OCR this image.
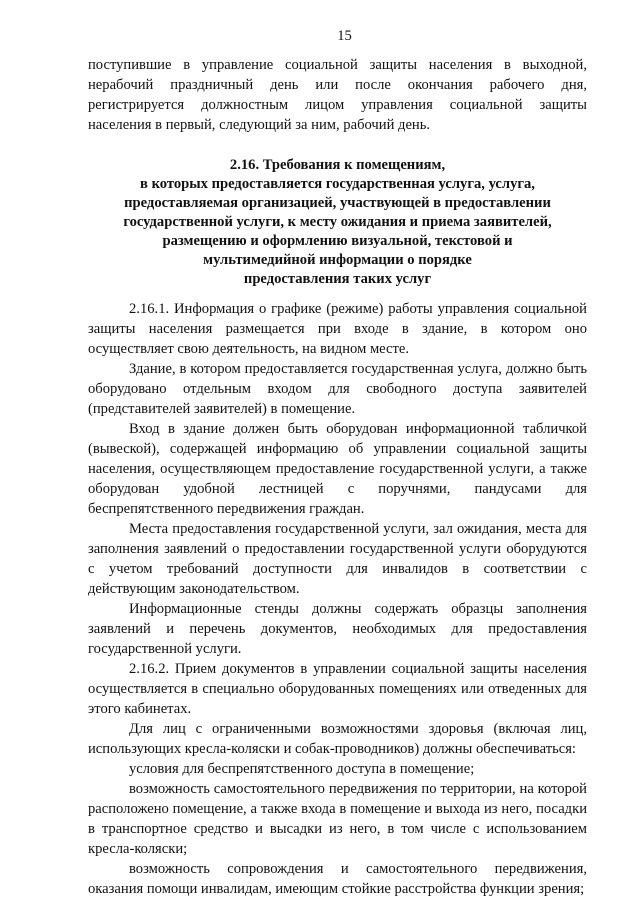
15

поступившие в управление социальной защиты населения в выходной, нерабочий праздничный день или после окончания рабочего дня, регистрируется должностным лицом управления социальной защиты населения в первый, следующий за ним, рабочий день.

2.16. Требования к помещениям,
в которых предоставляется государственная услуга, услуга,
предоставляемая организацией, участвующей в предоставлении
государственной услуги, к месту ожидания и приема заявителей,
размещению и оформлению визуальной, текстовой и
мультимедийной информации о порядке
предоставления таких услуг

2.16.1. Информация о графике (режиме) работы управления социальной защиты населения размещается при входе в здание, в котором оно осуществляет свою деятельность, на видном месте.

Здание, в котором предоставляется государственная услуга, должно быть оборудовано отдельным входом для свободного доступа заявителей (представителей заявителей) в помещение.

Вход в здание должен быть оборудован информационной табличкой (вывеской), содержащей информацию об управлении социальной защиты населения, осуществляющем предоставление государственной услуги, а также оборудован удобной лестницей с поручнями, пандусами для беспрепятственного передвижения граждан.

Места предоставления государственной услуги, зал ожидания, места для заполнения заявлений о предоставлении государственной услуги оборудуются с учетом требований доступности для инвалидов в соответствии с действующим законодательством.

Информационные стенды должны содержать образцы заполнения заявлений и перечень документов, необходимых для предоставления государственной услуги.

2.16.2. Прием документов в управлении социальной защиты населения осуществляется в специально оборудованных помещениях или отведенных для этого кабинетах.

Для лиц с ограниченными возможностями здоровья (включая лиц, использующих кресла-коляски и собак-проводников) должны обеспечиваться:

условия для беспрепятственного доступа в помещение;

возможность самостоятельного передвижения по территории, на которой расположено помещение, а также входа в помещение и выхода из него, посадки в транспортное средство и высадки из него, в том числе с использованием кресла-коляски;

возможность сопровождения и самостоятельного передвижения, оказания помощи инвалидам, имеющим стойкие расстройства функции зрения;
